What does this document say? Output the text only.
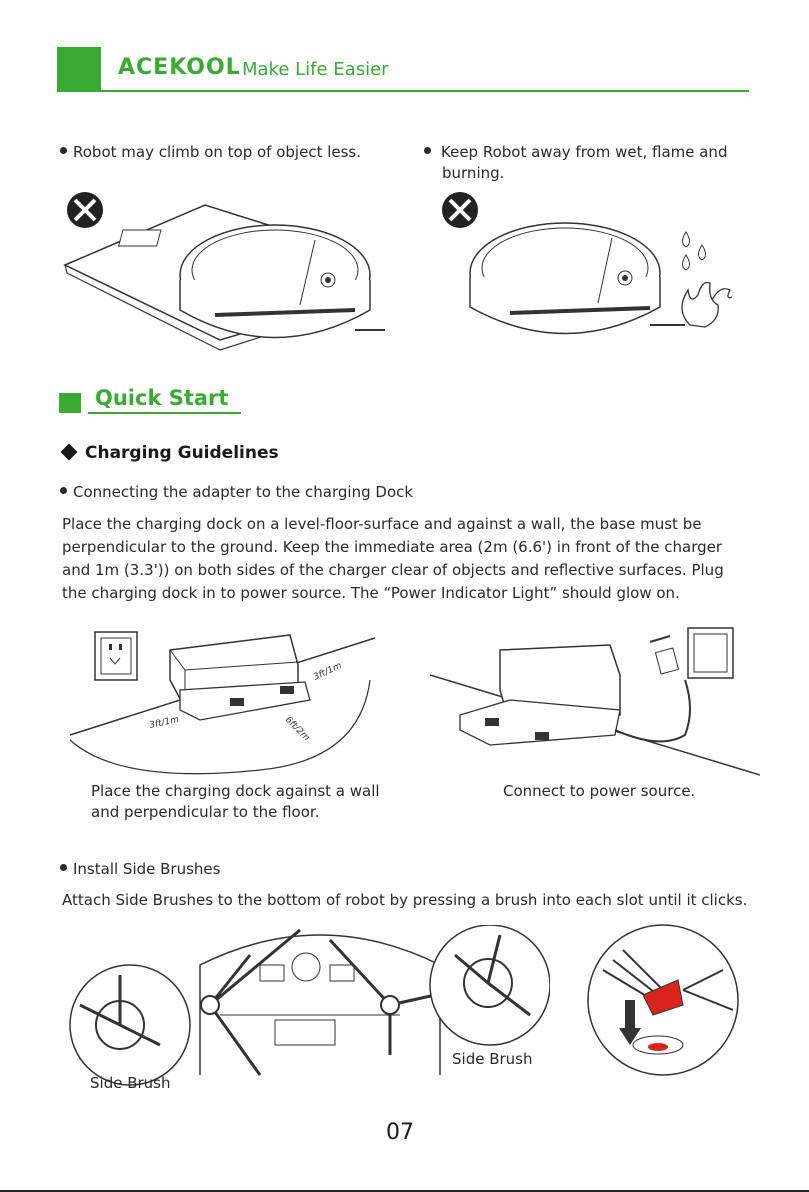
ACEKOOL Make Life Easier
Robot may climb on top of object less.	Keep Robot away from wet, flame and
burning.
Quick Start
Charging Guidelines
Connecting the adapter to the charging Dock
Place the charging dock on a level-floor-surface and against a wall, the base must be
perpendicular to the ground. Keep the immediate area (2m (6.6') in front of the charger
and 1m (3.3')) on both sides of the charger clear of objects and reflective surfaces. Plug
the charging dock in to power source. The “Power Indicator Light” should glow on.
3ft/1m
3ft/1m	6ft/2m
Place the charging dock against a wall
and perpendicular to the floor.
Connect to power source.
Install Side Brushes
Attach Side Brushes to the bottom of robot by pressing a brush into each slot until it clicks.
Side Brush
Side Brush
07
